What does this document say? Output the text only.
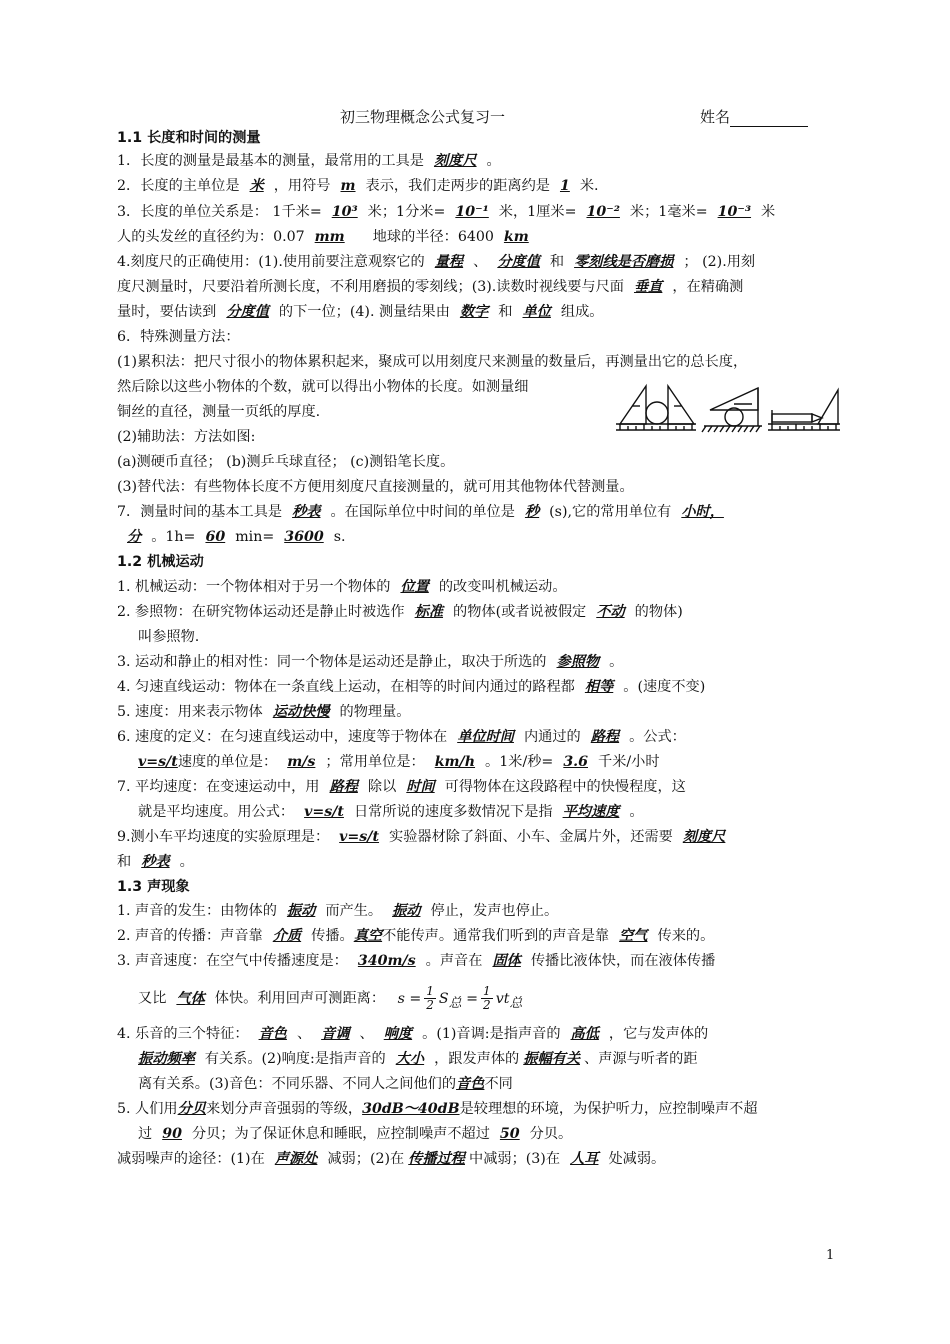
初三物理概念公式复习一	姓名
1.1 长度和时间的测量
1．长度的测量是最基本的测量，最常用的工具是 刻度尺 。
2．长度的主单位是 米 ，用符号 m 表示，我们走两步的距离约是 1 米.
3．长度的单位关系是： 1千米= 10³ 米；1分米= 10⁻¹ 米，1厘米= 10⁻² 米；1毫米= 10⁻³ 米
人的头发丝的直径约为：0.07 mm 地球的半径：6400 km
4.刻度尺的正确使用：(1).使用前要注意观察它的 量程 、 分度值 和 零刻线是否磨损 ； (2).用刻
度尺测量时，尺要沿着所测长度，不利用磨损的零刻线；(3).读数时视线要与尺面 垂直 ，在精确测
量时，要估读到 分度值 的下一位；(4). 测量结果由 数字 和 单位 组成。
6．特殊测量方法：
(1)累积法：把尺寸很小的物体累积起来，聚成可以用刻度尺来测量的数量后，再测量出它的总长度，
然后除以这些小物体的个数，就可以得出小物体的长度。如测量细
铜丝的直径，测量一页纸的厚度.
(2)辅助法：方法如图:
(a)测硬币直径； (b)测乒乓球直径； (c)测铅笔长度。
(3)替代法：有些物体长度不方便用刻度尺直接测量的，就可用其他物体代替测量。
7．测量时间的基本工具是 秒表 。在国际单位中时间的单位是 秒 (s),它的常用单位有 小时，
分 。1h= 60 min= 3600 s.
1.2 机械运动
1. 机械运动：一个物体相对于另一个物体的 位置 的改变叫机械运动。
2. 参照物：在研究物体运动还是静止时被选作 标准 的物体(或者说被假定 不动 的物体)
叫参照物.
3. 运动和静止的相对性：同一个物体是运动还是静止，取决于所选的 参照物 。
4. 匀速直线运动：物体在一条直线上运动，在相等的时间内通过的路程都 相等 。(速度不变)
5. 速度：用来表示物体 运动快慢 的物理量。
6. 速度的定义：在匀速直线运动中，速度等于物体在 单位时间 内通过的 路程 。公式：
v=s/t速度的单位是： m/s ；常用单位是： km/h 。1米/秒= 3.6 千米/小时
7. 平均速度：在变速运动中，用 路程 除以 时间 可得物体在这段路程中的快慢程度，这
就是平均速度。用公式： v=s/t 日常所说的速度多数情况下是指 平均速度 。
9.测小车平均速度的实验原理是： v=s/t 实验器材除了斜面、小车、金属片外，还需要 刻度尺
和 秒表 。
1.3 声现象
1. 声音的发生：由物体的 振动 而产生。 振动 停止，发声也停止。
2. 声音的传播：声音靠 介质 传播。真空不能传声。通常我们听到的声音是靠 空气 传来的。
3. 声音速度：在空气中传播速度是： 340m/s 。声音在 固体 传播比液体快，而在液体传播
又比 气体 体快。利用回声可测距离： $s = \frac{1}{2} S_总 = \frac{1}{2} vt_总$
4. 乐音的三个特征： 音色 、 音调 、 响度 。(1)音调:是指声音的 高低 ，它与发声体的
振动频率 有关系。(2)响度:是指声音的 大小 ，跟发声体的 振幅有关 、声源与听者的距
离有关系。(3)音色：不同乐器、不同人之间他们的音色不同
5. 人们用分贝来划分声音强弱的等级，30dB～40dB是较理想的环境，为保护听力，应控制噪声不超
过 90 分贝；为了保证休息和睡眠，应控制噪声不超过 50 分贝。
减弱噪声的途径：(1)在 声源处 减弱；(2)在 传播过程 中减弱；(3)在 人耳 处减弱。
1
